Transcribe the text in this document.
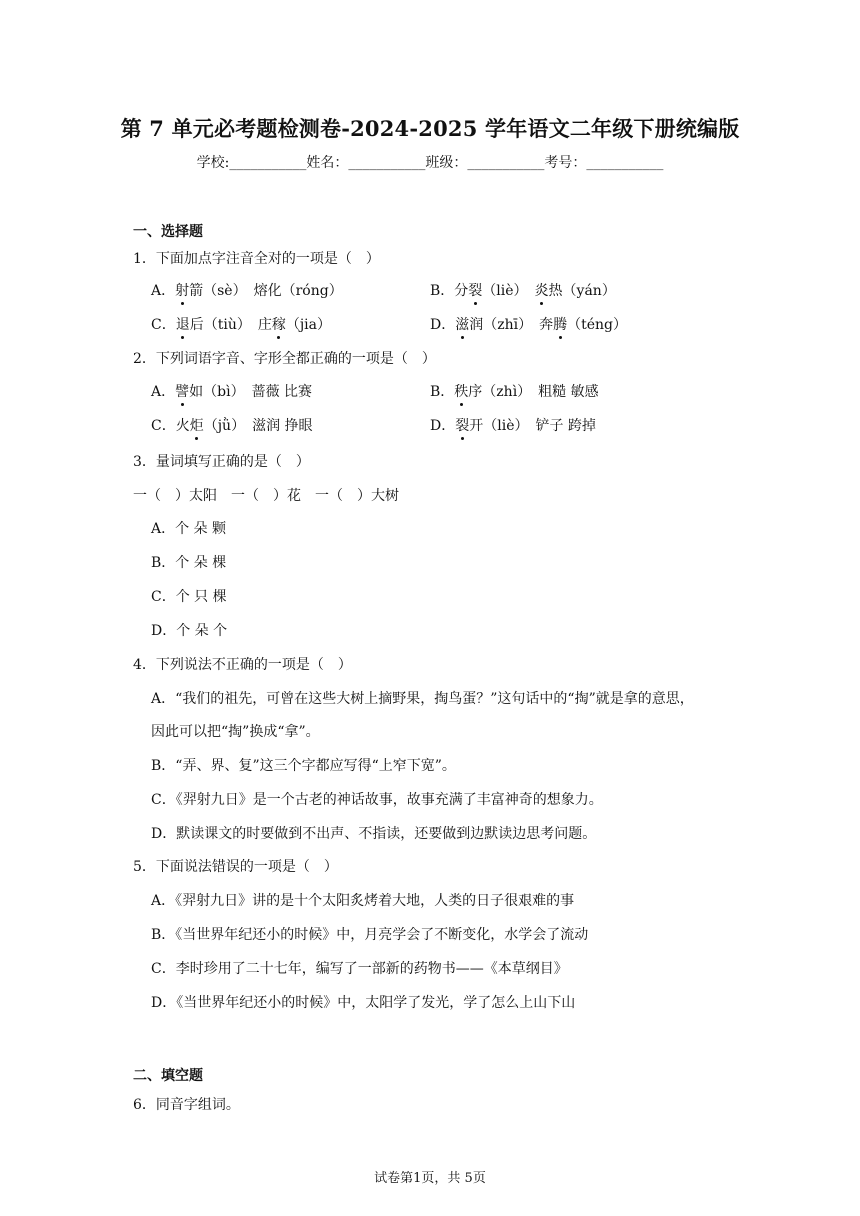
第 7 单元必考题检测卷-2024-2025 学年语文二年级下册统编版
学校:___________姓名：___________班级：___________考号：___________
一、选择题
1．下面加点字注音全对的一项是（　）
A．射箭（sè）　熔化（róng）	B．分裂（liè）　炎热（yán）
C．退后（tiù）　庄稼（jia）	D．滋润（zhī）　奔腾（téng）
2．下列词语字音、字形全都正确的一项是（　）
A．譬如（bì）　蔷薇 比赛	B．秩序（zhì）　粗糙 敏感
C．火炬（jǜ）　滋润 挣眼	D．裂开（liè）　铲子 跨掉
3．量词填写正确的是（　）
一（　）太阳　一（　）花　一（　）大树
A．个 朵 颗
B．个 朵 棵
C．个 只 棵
D．个 朵 个
4．下列说法不正确的一项是（　）
A．“我们的祖先，可曾在这些大树上摘野果，掏鸟蛋？”这句话中的“掏”就是拿的意思，
因此可以把“掏”换成“拿”。
B．“弄、界、复”这三个字都应写得“上窄下宽”。
C．《羿射九日》是一个古老的神话故事，故事充满了丰富神奇的想象力。
D．默读课文的时要做到不出声、不指读，还要做到边默读边思考问题。
5．下面说法错误的一项是（　）
A．《羿射九日》讲的是十个太阳炙烤着大地，人类的日子很艰难的事
B．《当世界年纪还小的时候》中，月亮学会了不断变化，水学会了流动
C．李时珍用了二十七年，编写了一部新的药物书——《本草纲目》
D．《当世界年纪还小的时候》中，太阳学了发光，学了怎么上山下山
二、填空题
6．同音字组词。
试卷第1页，共 5页
